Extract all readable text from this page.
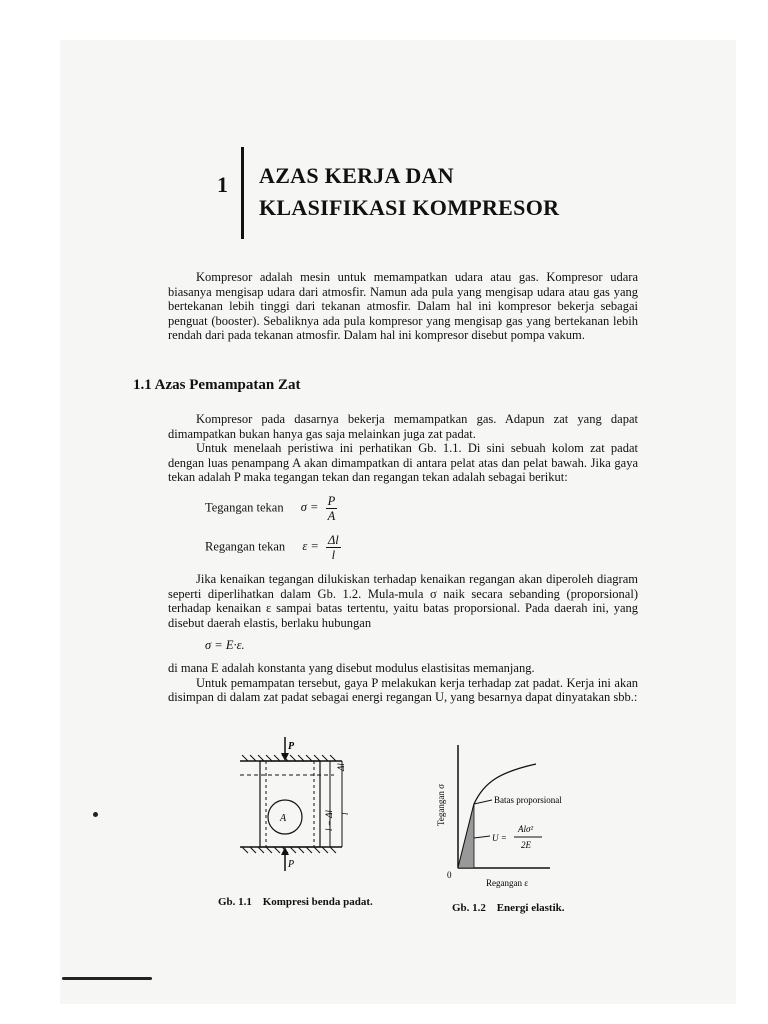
1 AZAS KERJA DAN
KLASIFIKASI KOMPRESOR

Kompresor adalah mesin untuk memampatkan udara atau gas. Kompresor udara biasanya mengisap udara dari atmosfir. Namun ada pula yang mengisap udara atau gas yang bertekanan lebih tinggi dari tekanan atmosfir. Dalam hal ini kompresor bekerja sebagai penguat (booster). Sebaliknya ada pula kompresor yang mengisap gas yang bertekanan lebih rendah dari pada tekanan atmosfir. Dalam hal ini kompresor disebut pompa vakum.

1.1 Azas Pemampatan Zat

Kompresor pada dasarnya bekerja memampatkan gas. Adapun zat yang dapat dimampatkan bukan hanya gas saja melainkan juga zat padat.

Untuk menelaah peristiwa ini perhatikan Gb. 1.1. Di sini sebuah kolom zat padat dengan luas penampang A akan dimampatkan di antara pelat atas dan pelat bawah. Jika gaya tekan adalah P maka tegangan tekan dan regangan tekan adalah sebagai berikut:

Tegangan tekan $\sigma = \frac{P}{A}$
Regangan tekan $\varepsilon = \frac{\Delta l}{l}$

Jika kenaikan tegangan dilukiskan terhadap kenaikan regangan akan diperoleh diagram seperti diperlihatkan dalam Gb. 1.2. Mula-mula σ naik secara sebanding (proporsional) terhadap kenaikan ε sampai batas tertentu, yaitu batas proporsional. Pada daerah ini, yang disebut daerah elastis, berlaku hubungan

σ = E·ε.

di mana E adalah konstanta yang disebut modulus elastisitas memanjang.

Untuk pemampatan tersebut, gaya P melakukan kerja terhadap zat padat. Kerja ini akan disimpan di dalam zat padat sebagai energi regangan U, yang besarnya dapat dinyatakan sbb.:

P
P
A
Δl
l − Δl l
Gb. 1.1 Kompresi benda padat.
Tegangan σ
Regangan ε
0
Batas proporsional
U =
Alσ²
2E
Gb. 1.2 Energi elastik.
